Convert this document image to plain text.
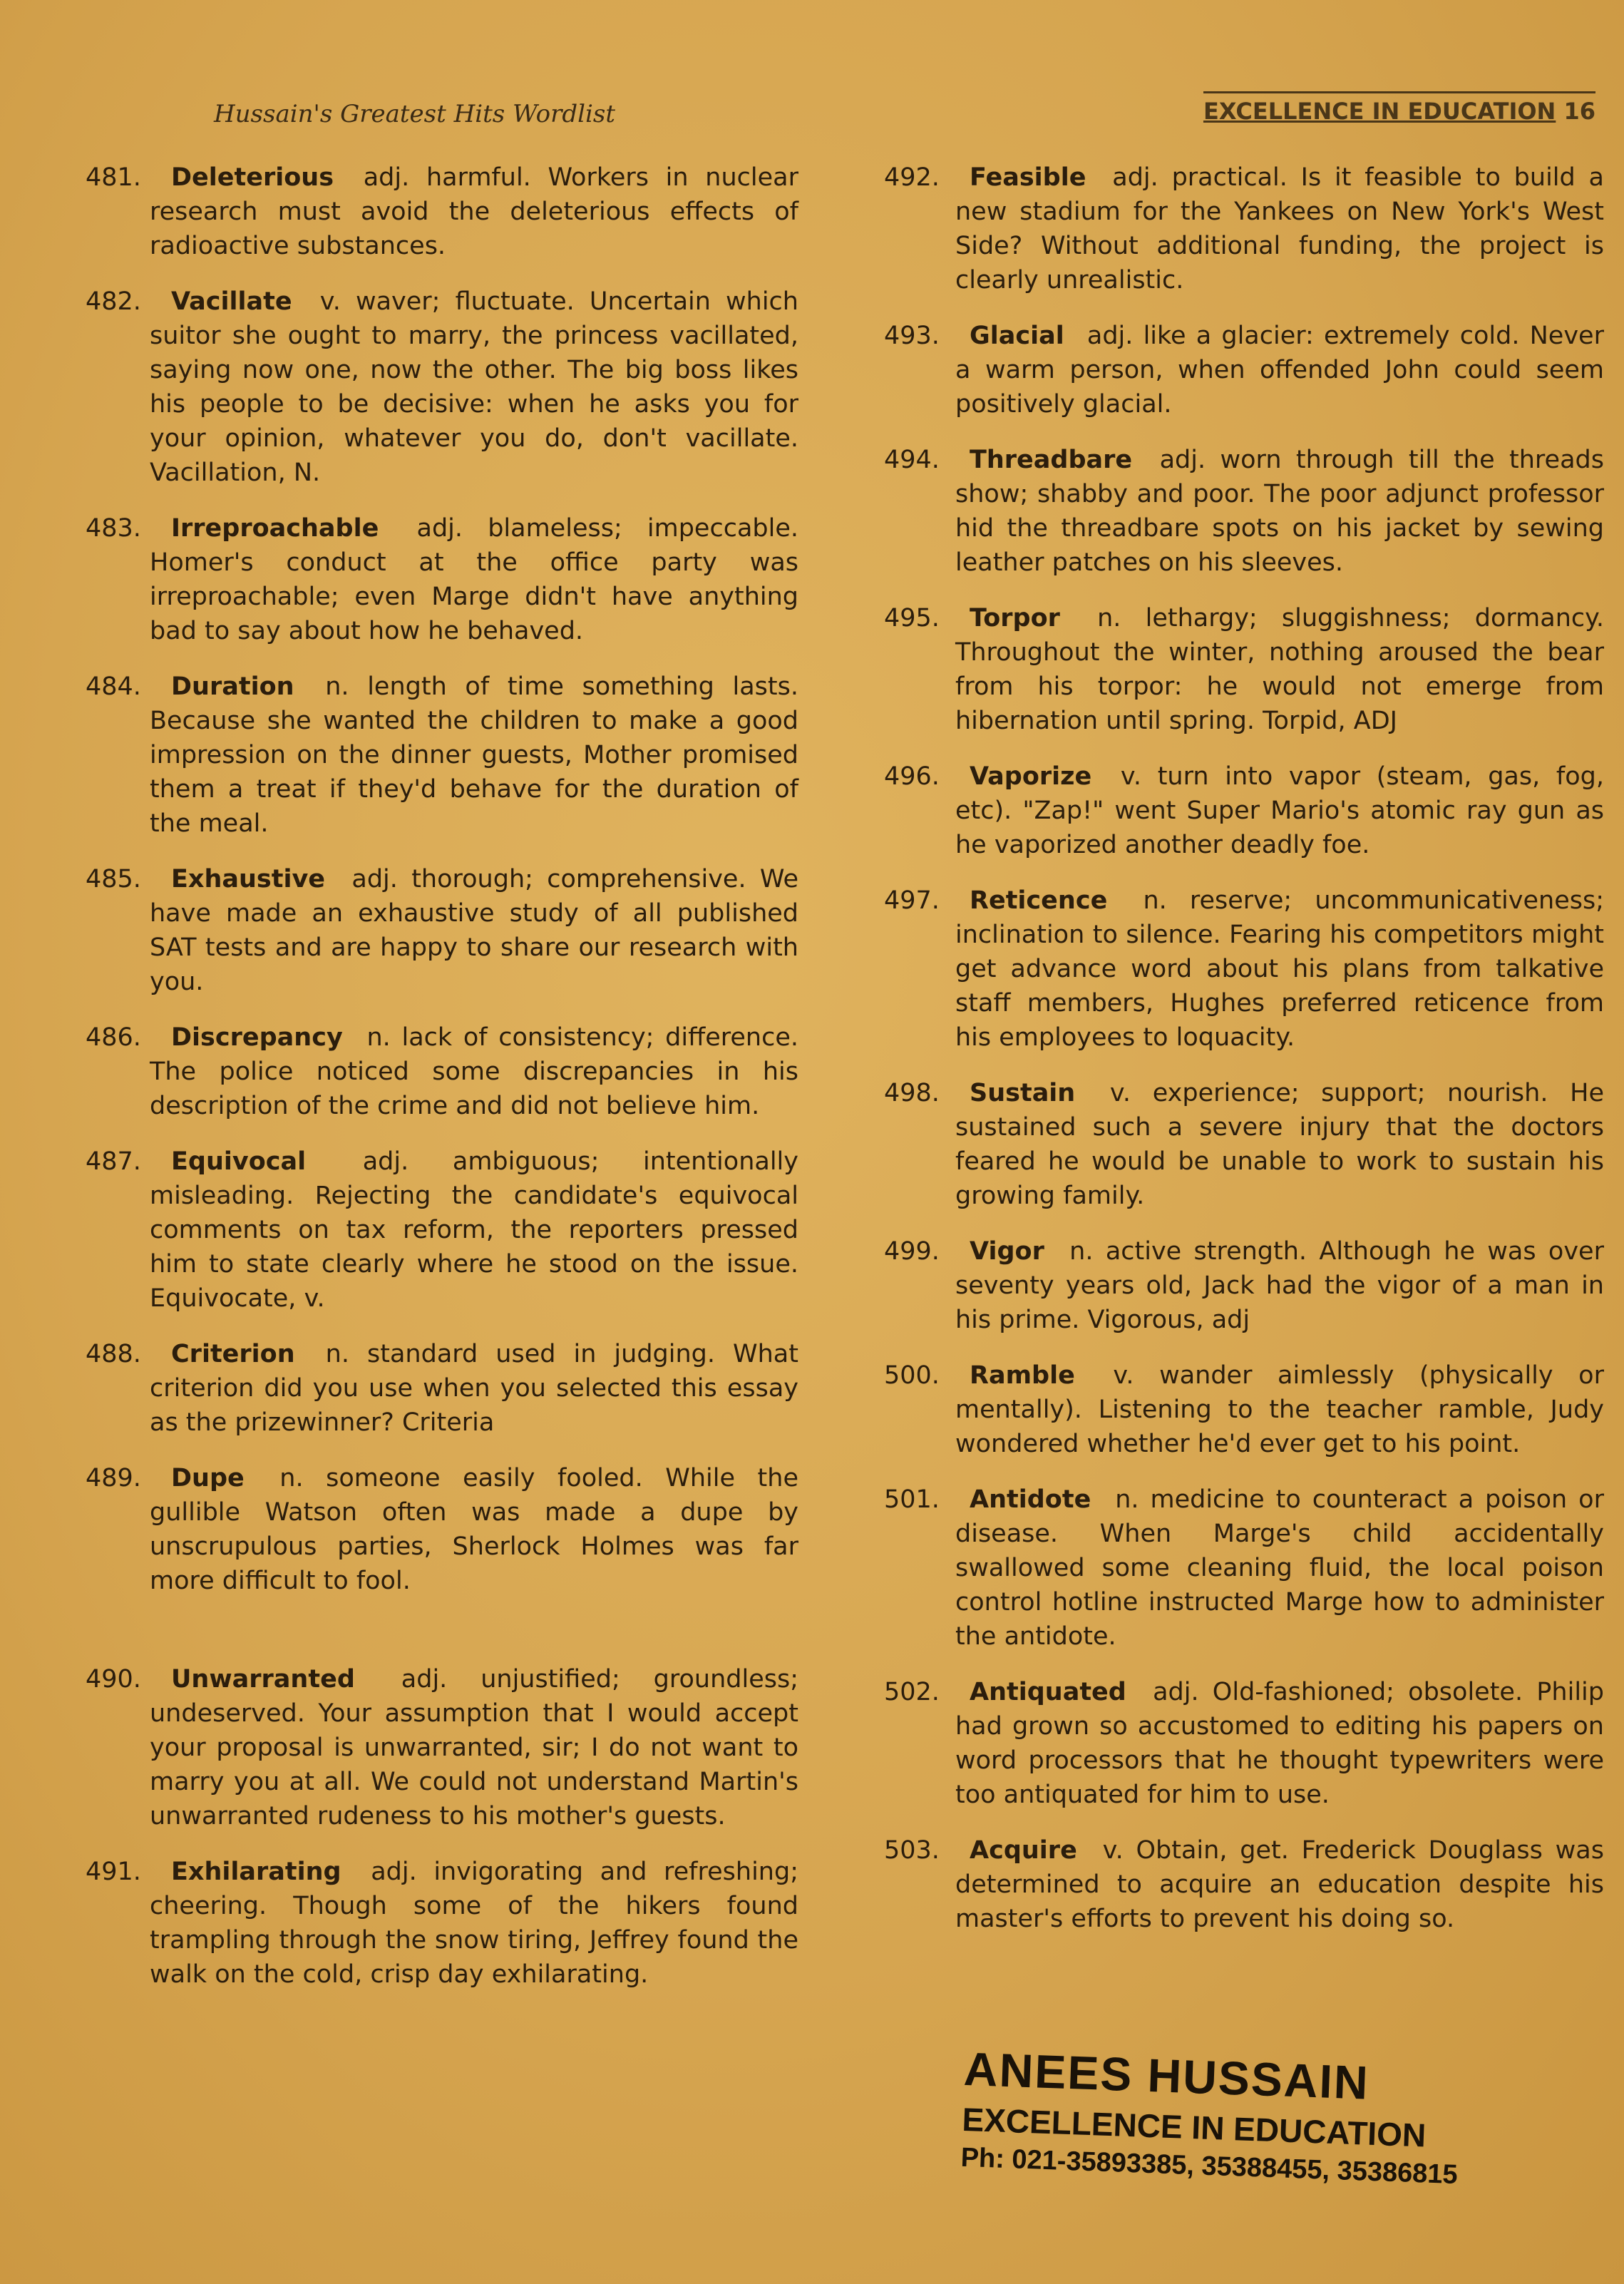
Hussain's Greatest Hits Wordlist	EXCELLENCE IN EDUCATION 16
481. Deleterious adj. harmful. Workers in nuclear research must avoid the deleterious effects of radioactive substances.
482. Vacillate v. waver; fluctuate. Uncertain which suitor she ought to marry, the princess vacillated, saying now one, now the other. The big boss likes his people to be decisive: when he asks you for your opinion, whatever you do, don't vacillate. Vacillation, N.
483. Irreproachable adj. blameless; impeccable. Homer's conduct at the office party was irreproachable; even Marge didn't have anything bad to say about how he behaved.
484. Duration n. length of time something lasts. Because she wanted the children to make a good impression on the dinner guests, Mother promised them a treat if they'd behave for the duration of the meal.
485. Exhaustive adj. thorough; comprehensive. We have made an exhaustive study of all published SAT tests and are happy to share our research with you.
486. Discrepancy n. lack of consistency; difference. The police noticed some discrepancies in his description of the crime and did not believe him.
487. Equivocal adj. ambiguous; intentionally misleading. Rejecting the candidate's equivocal comments on tax reform, the reporters pressed him to state clearly where he stood on the issue. Equivocate, v.
488. Criterion n. standard used in judging. What criterion did you use when you selected this essay as the prizewinner? Criteria
489. Dupe n. someone easily fooled. While the gullible Watson often was made a dupe by unscrupulous parties, Sherlock Holmes was far more difficult to fool.
490. Unwarranted adj. unjustified; groundless; undeserved. Your assumption that I would accept your proposal is unwarranted, sir; I do not want to marry you at all. We could not understand Martin's unwarranted rudeness to his mother's guests.
491. Exhilarating adj. invigorating and refreshing; cheering. Though some of the hikers found trampling through the snow tiring, Jeffrey found the walk on the cold, crisp day exhilarating.
492. Feasible adj. practical. Is it feasible to build a new stadium for the Yankees on New York's West Side? Without additional funding, the project is clearly unrealistic.
493. Glacial adj. like a glacier: extremely cold. Never a warm person, when offended John could seem positively glacial.
494. Threadbare adj. worn through till the threads show; shabby and poor. The poor adjunct professor hid the threadbare spots on his jacket by sewing leather patches on his sleeves.
495. Torpor n. lethargy; sluggishness; dormancy. Throughout the winter, nothing aroused the bear from his torpor: he would not emerge from hibernation until spring. Torpid, ADJ
496. Vaporize v. turn into vapor (steam, gas, fog, etc). "Zap!" went Super Mario's atomic ray gun as he vaporized another deadly foe.
497. Reticence n. reserve; uncommunicativeness; inclination to silence. Fearing his competitors might get advance word about his plans from talkative staff members, Hughes preferred reticence from his employees to loquacity.
498. Sustain v. experience; support; nourish. He sustained such a severe injury that the doctors feared he would be unable to work to sustain his growing family.
499. Vigor n. active strength. Although he was over seventy years old, Jack had the vigor of a man in his prime. Vigorous, adj
500. Ramble v. wander aimlessly (physically or mentally). Listening to the teacher ramble, Judy wondered whether he'd ever get to his point.
501. Antidote n. medicine to counteract a poison or disease. When Marge's child accidentally swallowed some cleaning fluid, the local poison control hotline instructed Marge how to administer the antidote.
502. Antiquated adj. Old-fashioned; obsolete. Philip had grown so accustomed to editing his papers on word processors that he thought typewriters were too antiquated for him to use.
503. Acquire v. Obtain, get. Frederick Douglass was determined to acquire an education despite his master's efforts to prevent his doing so.
ANEES HUSSAIN
EXCELLENCE IN EDUCATION
Ph: 021-35893385, 35388455, 35386815
